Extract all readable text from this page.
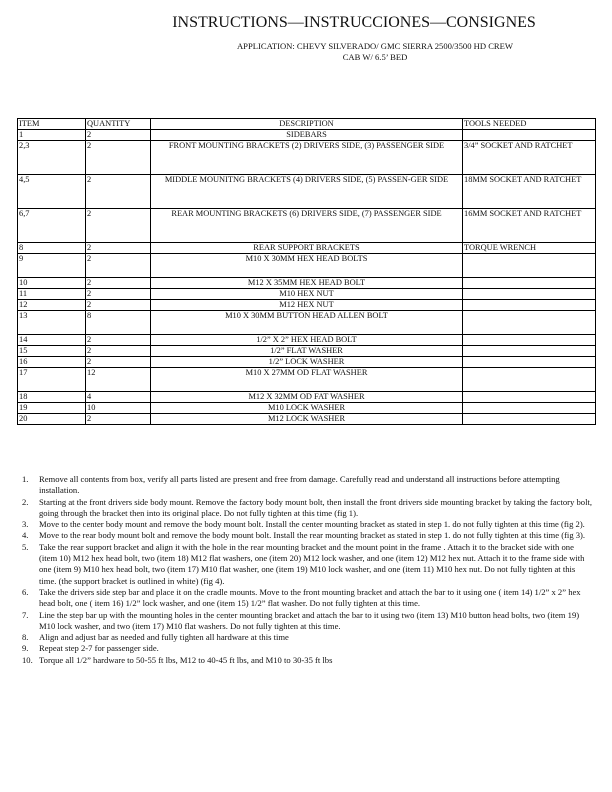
INSTRUCTIONS—INSTRUCCIONES—CONSIGNES
APPLICATION: CHEVY SILVERADO/ GMC SIERRA 2500/3500 HD CREW
CAB W/ 6.5’ BED
ITEM	QUANTITY	DESCRIPTION	TOOLS NEEDED
1	2	SIDEBARS	
2,3	2	FRONT MOUNTING BRACKETS (2) DRIVERS SIDE, (3) PASSENGER SIDE	3/4” SOCKET AND RATCHET
4,5	2	MIDDLE MOUNITNG BRACKETS (4) DRIVERS SIDE, (5) PASSEN-GER SIDE	18MM SOCKET AND RATCHET
6,7	2	REAR MOUNTING BRACKETS (6) DRIVERS SIDE, (7) PASSENGER SIDE	16MM SOCKET AND RATCHET
8	2	REAR SUPPORT BRACKETS	TORQUE WRENCH
9	2	M10 X 30MM HEX HEAD BOLTS	
10	2	M12 X 35MM HEX HEAD BOLT	
11	2	M10 HEX NUT	
12	2	M12 HEX NUT	
13	8	M10 X 30MM BUTTON HEAD ALLEN BOLT	
14	2	1/2” X 2” HEX HEAD BOLT	
15	2	1/2” FLAT WASHER	
16	2	1/2” LOCK WASHER	
17	12	M10 X 27MM OD FLAT WASHER	
18	4	M12 X 32MM OD FAT WASHER	
19	10	M10 LOCK WASHER	
20	2	M12 LOCK WASHER	
1. Remove all contents from box, verify all parts listed are present and free from damage. Carefully read and understand all instructions before attempting installation.
2. Starting at the front drivers side body mount. Remove the factory body mount bolt, then install the front drivers side mounting bracket by taking the factory bolt, going through the bracket then into its original place. Do not fully tighten at this time (fig 1).
3. Move to the center body mount and remove the body mount bolt. Install the center mounting bracket as stated in step 1. do not fully tighten at this time (fig 2).
4. Move to the rear body mount bolt and remove the body mount bolt. Install the rear mounting bracket as stated in step 1. do not fully tighten at this time (fig 3).
5. Take the rear support bracket and align it with the hole in the rear mounting bracket and the mount point in the frame . Attach it to the bracket side with one (item 10) M12 hex head bolt, two (item 18) M12 flat washers, one (item 20) M12 lock washer, and one (item 12) M12 hex nut. Attach it to the frame side with one (item 9) M10 hex head bolt, two (item 17) M10 flat washer, one (item 19) M10 lock washer, and one (item 11) M10 hex nut. Do not fully tighten at this time. (the support bracket is outlined in white) (fig 4).
6. Take the drivers side step bar and place it on the cradle mounts. Move to the front mounting bracket and attach the bar to it using one ( item 14) 1/2” x 2” hex head bolt, one ( item 16) 1/2” lock washer, and one (item 15) 1/2” flat washer. Do not fully tighten at this time.
7. Line the step bar up with the mounting holes in the center mounting bracket and attach the bar to it using two (item 13) M10 button head bolts, two (item 19) M10 lock washer, and two (item 17) M10 flat washers. Do not fully tighten at this time.
8. Align and adjust bar as needed and fully tighten all hardware at this time
9. Repeat step 2-7 for passenger side.
10. Torque all 1/2” hardware to 50-55 ft lbs, M12 to 40-45 ft lbs, and M10 to 30-35 ft lbs
